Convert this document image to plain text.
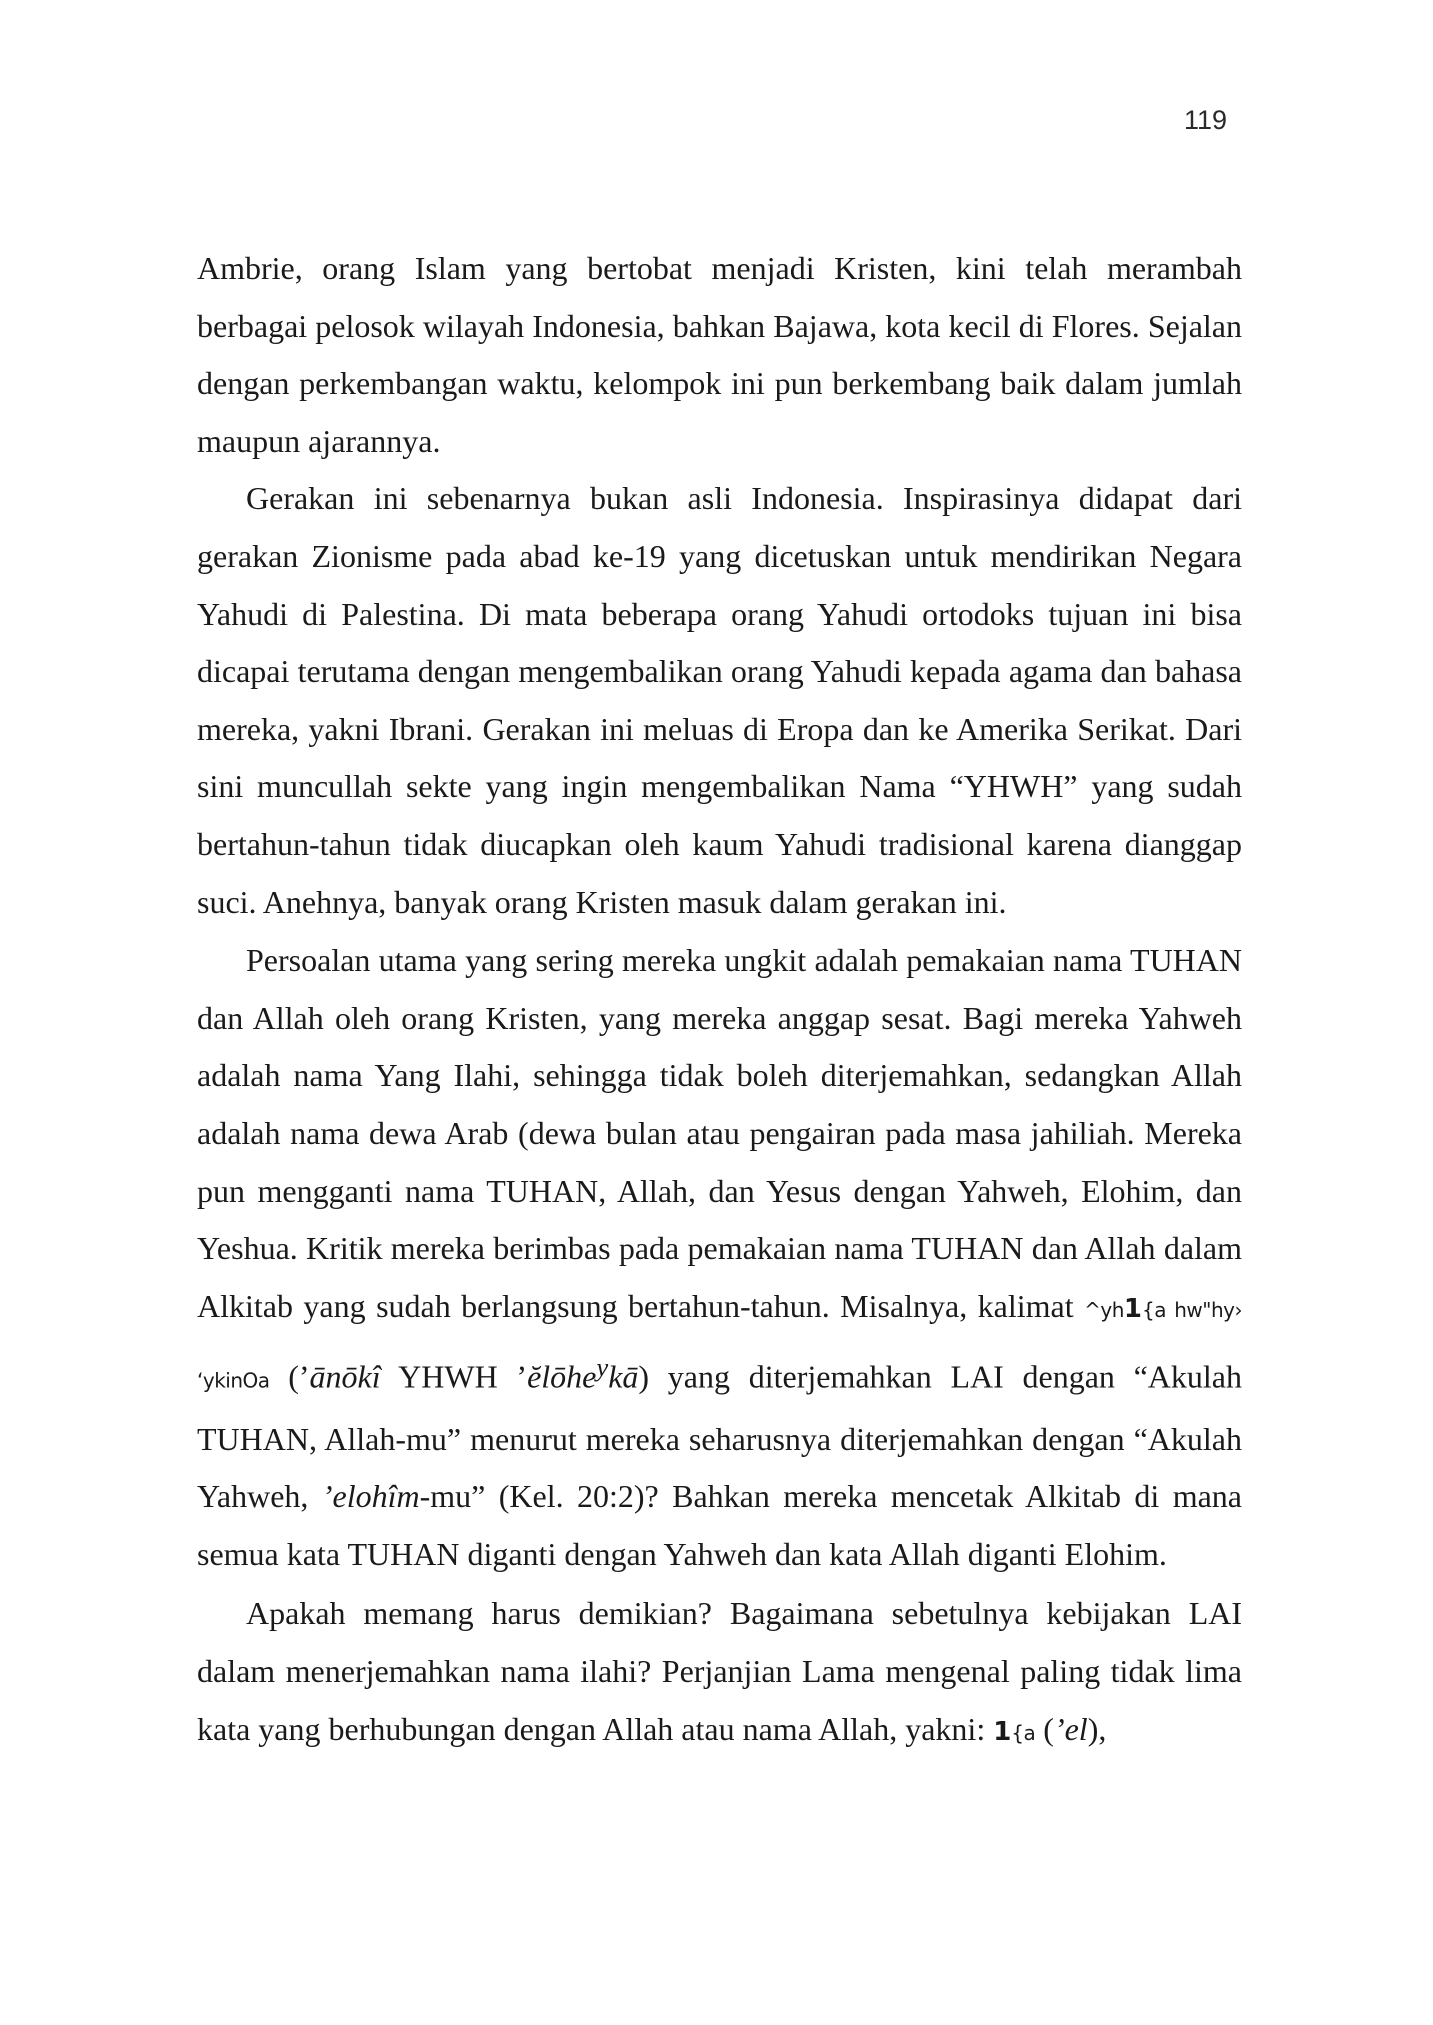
119

Ambrie, orang Islam yang bertobat menjadi Kristen, kini telah merambah berbagai pelosok wilayah Indonesia, bahkan Bajawa, kota kecil di Flores. Sejalan dengan perkembangan waktu, kelompok ini pun berkembang baik dalam jumlah maupun ajarannya.

Gerakan ini sebenarnya bukan asli Indonesia. Inspirasinya didapat dari gerakan Zionisme pada abad ke-19 yang dicetuskan untuk mendirikan Negara Yahudi di Palestina. Di mata beberapa orang Yahudi ortodoks tujuan ini bisa dicapai terutama dengan mengembalikan orang Yahudi kepada agama dan bahasa mereka, yakni Ibrani. Gerakan ini meluas di Eropa dan ke Amerika Serikat. Dari sini muncullah sekte yang ingin mengembalikan Nama “YHWH” yang sudah bertahun-tahun tidak diucapkan oleh kaum Yahudi tradisional karena dianggap suci. Anehnya, banyak orang Kristen masuk dalam gerakan ini.

Persoalan utama yang sering mereka ungkit adalah pemakaian nama TUHAN dan Allah oleh orang Kristen, yang mereka anggap sesat. Bagi mereka Yahweh adalah nama Yang Ilahi, sehingga tidak boleh diterjemahkan, sedangkan Allah adalah nama dewa Arab (dewa bulan atau pengairan pada masa jahiliah. Mereka pun mengganti nama TUHAN, Allah, dan Yesus dengan Yahweh, Elohim, dan Yeshua. Kritik mereka berimbas pada pemakaian nama TUHAN dan Allah dalam Alkitab yang sudah berlangsung bertahun-tahun. Misalnya, kalimat ^yh1{a hw"hy› ‘ykinOa (’ānōkî YHWH ’ĕlōhe$^y$kā) yang diterjemahkan LAI dengan “Akulah TUHAN, Allah-mu” menurut mereka seharusnya diterjemahkan dengan “Akulah Yahweh, ’elohîm-mu” (Kel. 20:2)? Bahkan mereka mencetak Alkitab di mana semua kata TUHAN diganti dengan Yahweh dan kata Allah diganti Elohim.

Apakah memang harus demikian? Bagaimana sebetulnya kebijakan LAI dalam menerjemahkan nama ilahi? Perjanjian Lama mengenal paling tidak lima kata yang berhubungan dengan Allah atau nama Allah, yakni: 1{a (’el),
